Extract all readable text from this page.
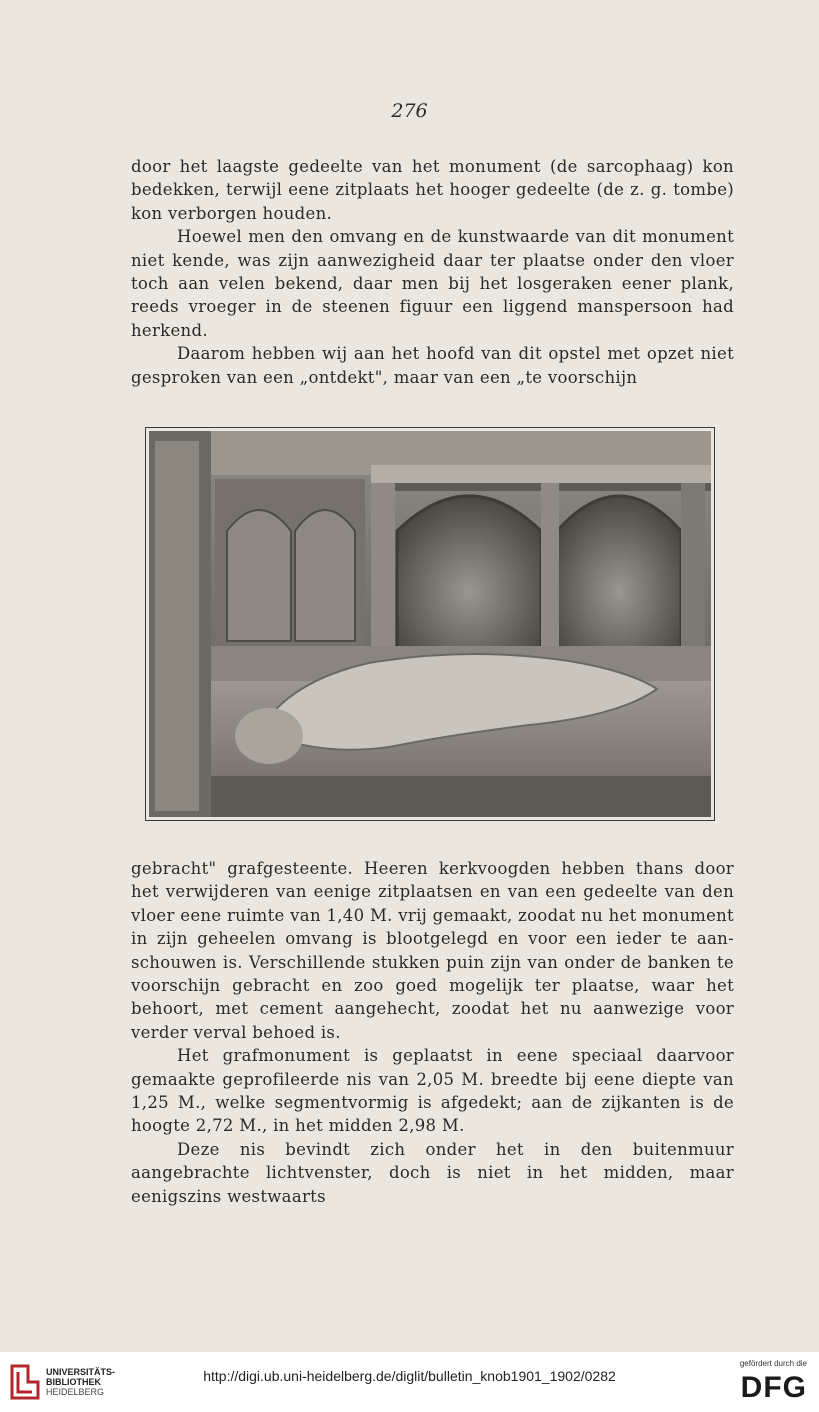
276

door het laagste gedeelte van het monument (de sarcophaag) kon bedekken, terwijl eene zitplaats het hooger gedeelte (de z. g. tombe) kon verborgen houden.

Hoewel men den omvang en de kunstwaarde van dit monument niet kende, was zijn aanwezigheid daar ter plaatse onder den vloer toch aan velen bekend, daar men bij het losgeraken eener plank, reeds vroeger in de steenen figuur een liggend manspersoon had herkend.

Daarom hebben wij aan het hoofd van dit opstel met opzet niet gesproken van een „ontdekt", maar van een „te voorschijn

gebracht" grafgesteente. Heeren kerkvoogden hebben thans door het verwijderen van eenige zitplaatsen en van een gedeelte van den vloer eene ruimte van 1,40 M. vrij gemaakt, zoodat nu het monument in zijn geheelen omvang is blootgelegd en voor een ieder te aan-schouwen is. Verschillende stukken puin zijn van onder de banken te voorschijn gebracht en zoo goed mogelijk ter plaatse, waar het behoort, met cement aangehecht, zoodat het nu aanwezige voor verder verval behoed is.

Het grafmonument is geplaatst in eene speciaal daarvoor gemaakte geprofileerde nis van 2,05 M. breedte bij eene diepte van 1,25 M., welke segmentvormig is afgedekt; aan de zijkanten is de hoogte 2,72 M., in het midden 2,98 M.

Deze nis bevindt zich onder het in den buitenmuur aangebrachte lichtvenster, doch is niet in het midden, maar eenigszins westwaarts

UNIVERSITÄTS-
BIBLIOTHEK
HEIDELBERG
http://digi.ub.uni-heidelberg.de/diglit/bulletin_knob1901_1902/0282
gefördert durch die
DFG
